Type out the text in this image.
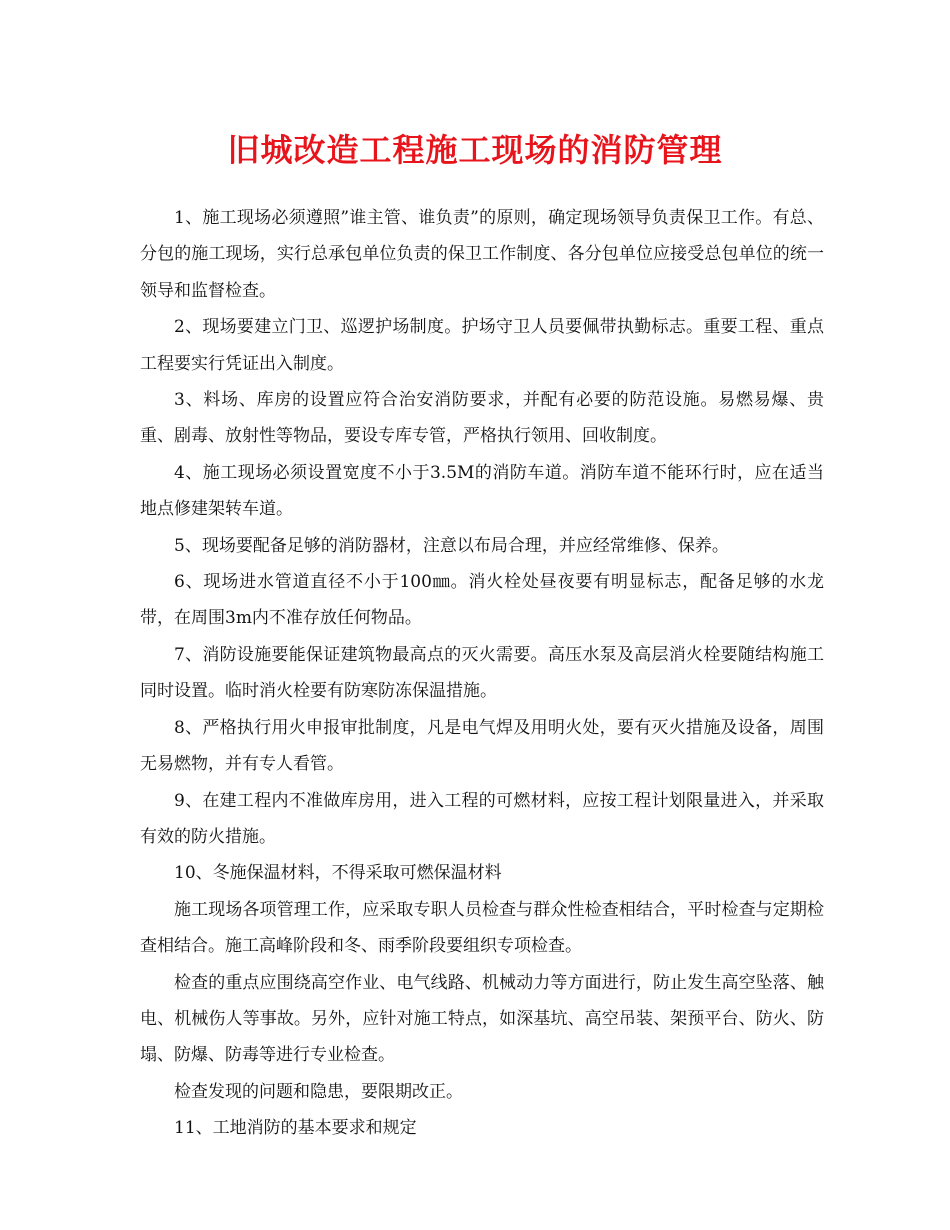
旧城改造工程施工现场的消防管理

1、施工现场必须遵照”谁主管、谁负责”的原则，确定现场领导负责保卫工作。有总、分包的施工现场，实行总承包单位负责的保卫工作制度、各分包单位应接受总包单位的统一领导和监督检查。

2、现场要建立门卫、巡逻护场制度。护场守卫人员要佩带执勤标志。重要工程、重点工程要实行凭证出入制度。

3、料场、库房的设置应符合治安消防要求，并配有必要的防范设施。易燃易爆、贵重、剧毒、放射性等物品，要设专库专管，严格执行领用、回收制度。

4、施工现场必须设置宽度不小于3.5M的消防车道。消防车道不能环行时，应在适当地点修建架转车道。

5、现场要配备足够的消防器材，注意以布局合理，并应经常维修、保养。

6、现场进水管道直径不小于100㎜。消火栓处昼夜要有明显标志，配备足够的水龙带，在周围3m内不准存放任何物品。

7、消防设施要能保证建筑物最高点的灭火需要。高压水泵及高层消火栓要随结构施工同时设置。临时消火栓要有防寒防冻保温措施。

8、严格执行用火申报审批制度，凡是电气焊及用明火处，要有灭火措施及设备，周围无易燃物，并有专人看管。

9、在建工程内不准做库房用，进入工程的可燃材料，应按工程计划限量进入，并采取有效的防火措施。

10、冬施保温材料，不得采取可燃保温材料

施工现场各项管理工作，应采取专职人员检查与群众性检查相结合，平时检查与定期检查相结合。施工高峰阶段和冬、雨季阶段要组织专项检查。

检查的重点应围绕高空作业、电气线路、机械动力等方面进行，防止发生高空坠落、触电、机械伤人等事故。另外，应针对施工特点，如深基坑、高空吊装、架预平台、防火、防塌、防爆、防毒等进行专业检查。

检查发现的问题和隐患，要限期改正。

11、工地消防的基本要求和规定
